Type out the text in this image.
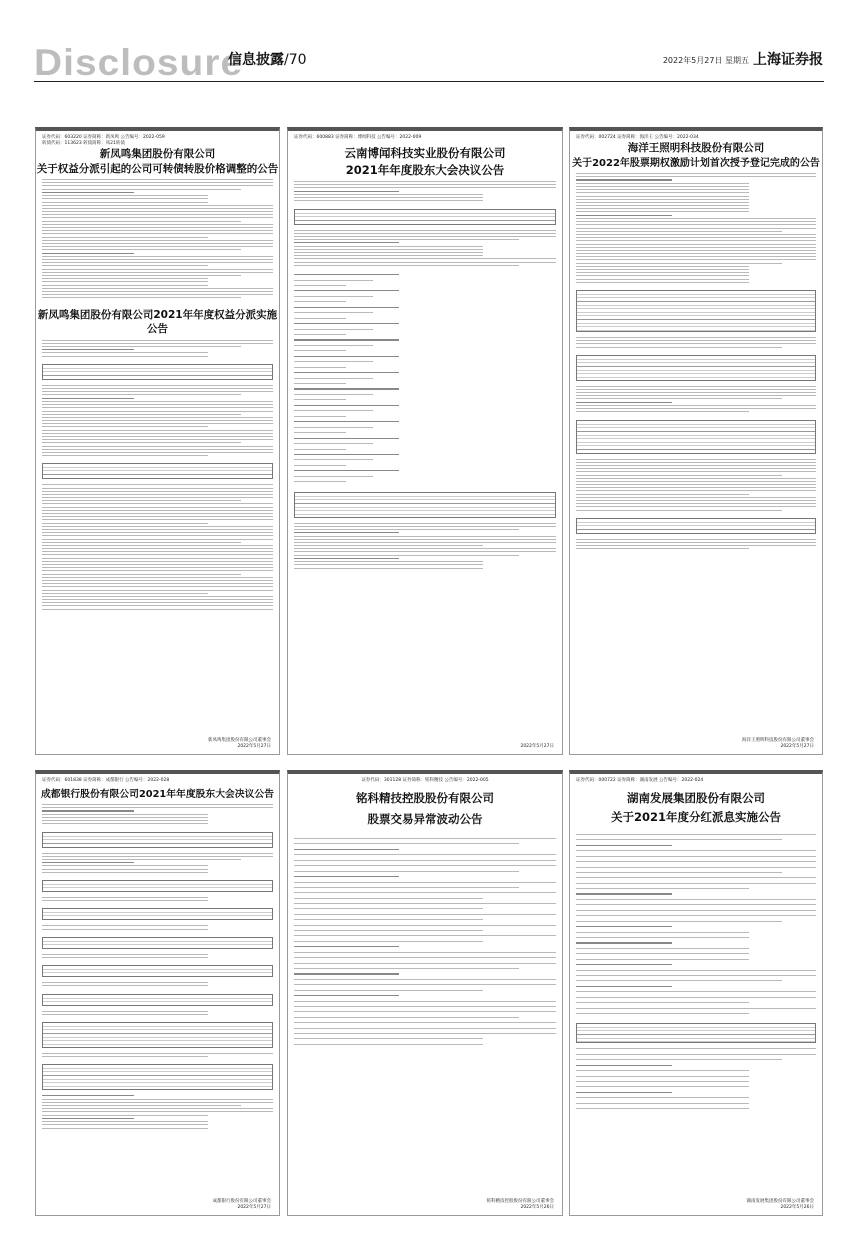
Disclosure
信息披露/70	2022年5月27日 星期五 上海证券报
证券代码：603220 证券简称：新凤鸣 公告编号：2022-059
转债代码：113623 转债简称：凤21转债
新凤鸣集团股份有限公司
关于权益分派引起的公司可转债转股价格调整的公告
新凤鸣集团股份有限公司2021年年度权益分派实施公告
新凤鸣集团股份有限公司董事会
2022年5月27日
证券代码：600883 证券简称：博闻科技 公告编号：2022-009
云南博闻科技实业股份有限公司
2021年年度股东大会决议公告
2022年5月27日
证券代码：002724 证券简称：海洋王 公告编号：2022-034
海洋王照明科技股份有限公司
关于2022年股票期权激励计划首次授予登记完成的公告
海洋王照明科技股份有限公司董事会
2022年5月27日
证券代码：601838 证券简称：成都银行 公告编号：2022-028
成都银行股份有限公司2021年年度股东大会决议公告
成都银行股份有限公司董事会
2022年5月27日
证券代码：301128 证券简称：铭科精技 公告编号：2022-005
铭科精技控股股份有限公司
股票交易异常波动公告
铭科精技控股股份有限公司董事会
2022年5月26日
证券代码：000722 证券简称：湖南发展 公告编号：2022-024
湖南发展集团股份有限公司
关于2021年度分红派息实施公告
湖南发展集团股份有限公司董事会
2022年5月26日
